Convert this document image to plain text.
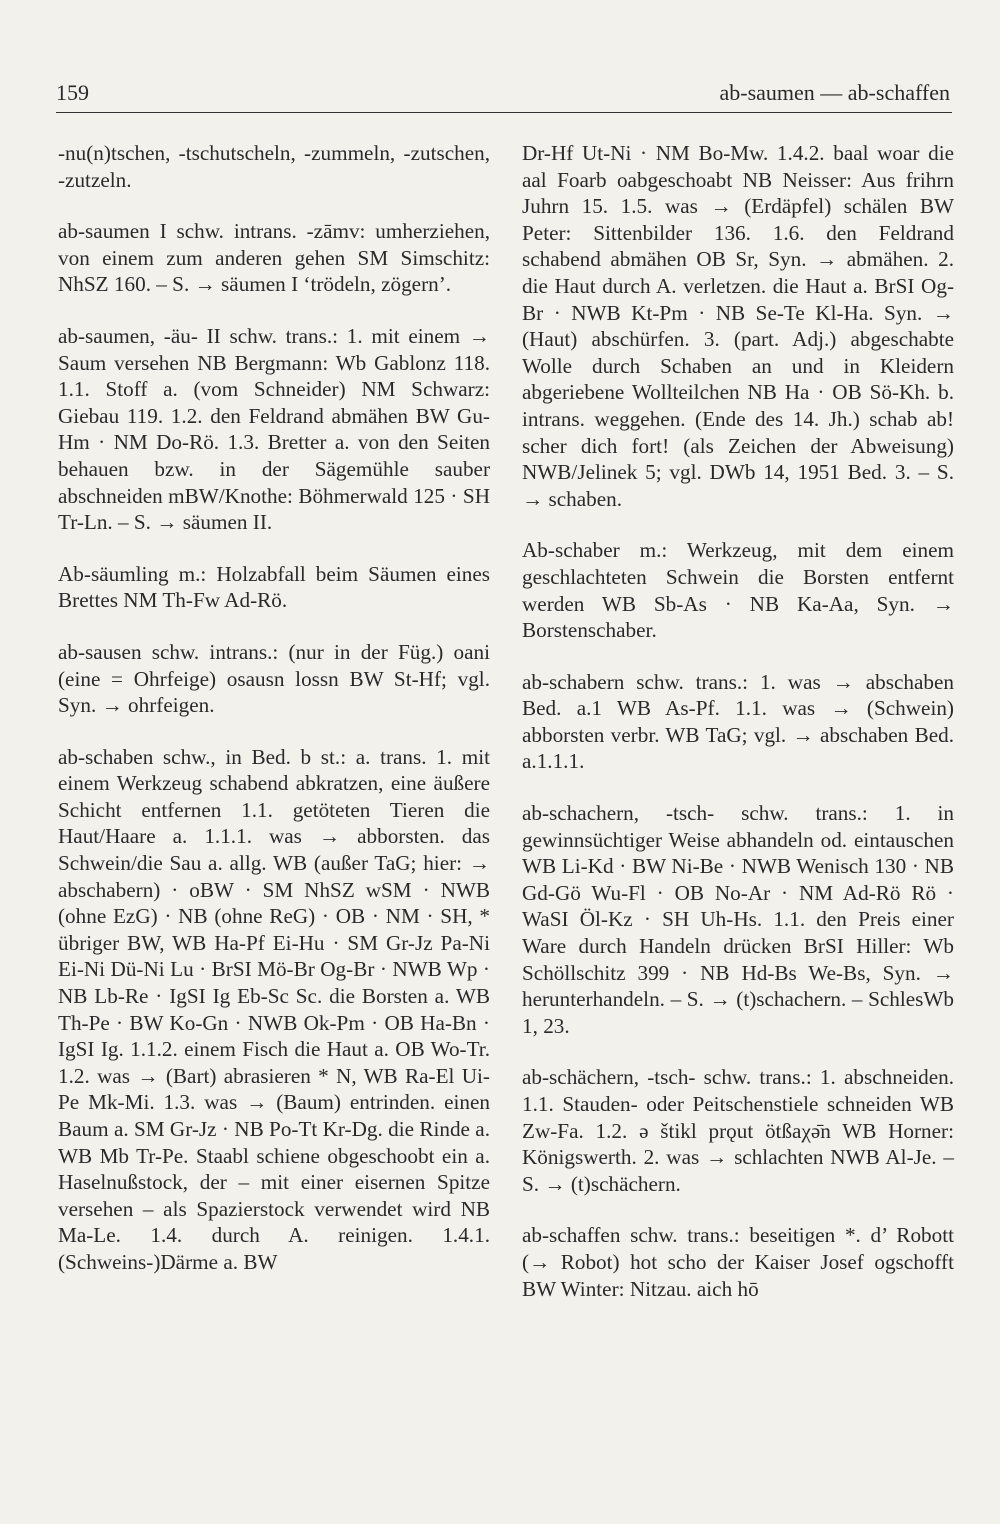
159	ab-saumen — ab-schaffen

-nu(n)tschen, -tschutscheln, -zummeln, -zutschen, -zutzeln.

ab-saumen I schw. intrans. -zāmv: umherziehen, von einem zum anderen gehen SM Simschitz: NhSZ 160. – S. → säumen I ‘trödeln, zögern’.

ab-saumen, -äu- II schw. trans.: 1. mit einem → Saum versehen NB Bergmann: Wb Gablonz 118. 1.1. Stoff a. (vom Schneider) NM Schwarz: Giebau 119. 1.2. den Feldrand abmähen BW Gu-Hm · NM Do-Rö. 1.3. Bretter a. von den Seiten behauen bzw. in der Sägemühle sauber abschneiden mBW/Knothe: Böhmerwald 125 · SH Tr-Ln. – S. → säumen II.

Ab-säumling m.: Holzabfall beim Säumen eines Brettes NM Th-Fw Ad-Rö.

ab-sausen schw. intrans.: (nur in der Füg.) oani (eine = Ohrfeige) osausn lossn BW St-Hf; vgl. Syn. → ohrfeigen.

ab-schaben schw., in Bed. b st.: a. trans. 1. mit einem Werkzeug schabend abkratzen, eine äußere Schicht entfernen 1.1. getöteten Tieren die Haut/Haare a. 1.1.1. was → abborsten. das Schwein/die Sau a. allg. WB (außer TaG; hier: → abschabern) · oBW · SM NhSZ wSM · NWB (ohne EzG) · NB (ohne ReG) · OB · NM · SH, * übriger BW, WB Ha-Pf Ei-Hu · SM Gr-Jz Pa-Ni Ei-Ni Dü-Ni Lu · BrSI Mö-Br Og-Br · NWB Wp · NB Lb-Re · IgSI Ig Eb-Sc Sc. die Borsten a. WB Th-Pe · BW Ko-Gn · NWB Ok-Pm · OB Ha-Bn · IgSI Ig. 1.1.2. einem Fisch die Haut a. OB Wo-Tr. 1.2. was → (Bart) abrasieren * N, WB Ra-El Ui-Pe Mk-Mi. 1.3. was → (Baum) entrinden. einen Baum a. SM Gr-Jz · NB Po-Tt Kr-Dg. die Rinde a. WB Mb Tr-Pe. Staabl schiene obgeschoobt ein a. Haselnußstock, der – mit einer eisernen Spitze versehen – als Spazierstock verwendet wird NB Ma-Le. 1.4. durch A. reinigen. 1.4.1. (Schweins-)Därme a. BW

Dr-Hf Ut-Ni · NM Bo-Mw. 1.4.2. baal woar die aal Foarb oabgeschoabt NB Neisser: Aus frihrn Juhrn 15. 1.5. was → (Erdäpfel) schälen BW Peter: Sittenbilder 136. 1.6. den Feldrand schabend abmähen OB Sr, Syn. → abmähen. 2. die Haut durch A. verletzen. die Haut a. BrSI Og-Br · NWB Kt-Pm · NB Se-Te Kl-Ha. Syn. → (Haut) abschürfen. 3. (part. Adj.) abgeschabte Wolle durch Schaben an und in Kleidern abgeriebene Wollteilchen NB Ha · OB Sö-Kh. b. intrans. weggehen. (Ende des 14. Jh.) schab ab! scher dich fort! (als Zeichen der Abweisung) NWB/Jelinek 5; vgl. DWb 14, 1951 Bed. 3. – S. → schaben.

Ab-schaber m.: Werkzeug, mit dem einem geschlachteten Schwein die Borsten entfernt werden WB Sb-As · NB Ka-Aa, Syn. → Borstenschaber.

ab-schabern schw. trans.: 1. was → abschaben Bed. a.1 WB As-Pf. 1.1. was → (Schwein) abborsten verbr. WB TaG; vgl. → abschaben Bed. a.1.1.1.

ab-schachern, -tsch- schw. trans.: 1. in gewinnsüchtiger Weise abhandeln od. eintauschen WB Li-Kd · BW Ni-Be · NWB Wenisch 130 · NB Gd-Gö Wu-Fl · OB No-Ar · NM Ad-Rö Rö · WaSI Öl-Kz · SH Uh-Hs. 1.1. den Preis einer Ware durch Handeln drücken BrSI Hiller: Wb Schöllschitz 399 · NB Hd-Bs We-Bs, Syn. → herunterhandeln. – S. → (t)schachern. – SchlesWb 1, 23.

ab-schächern, -tsch- schw. trans.: 1. abschneiden. 1.1. Stauden- oder Peitschenstiele schneiden WB Zw-Fa. 1.2. ə štikl prǫut ötßaχǝ̄n WB Horner: Königswerth. 2. was → schlachten NWB Al-Je. – S. → (t)schächern.

ab-schaffen schw. trans.: beseitigen *. d’ Robott (→ Robot) hot scho der Kaiser Josef ogschofft BW Winter: Nitzau. aich hō
